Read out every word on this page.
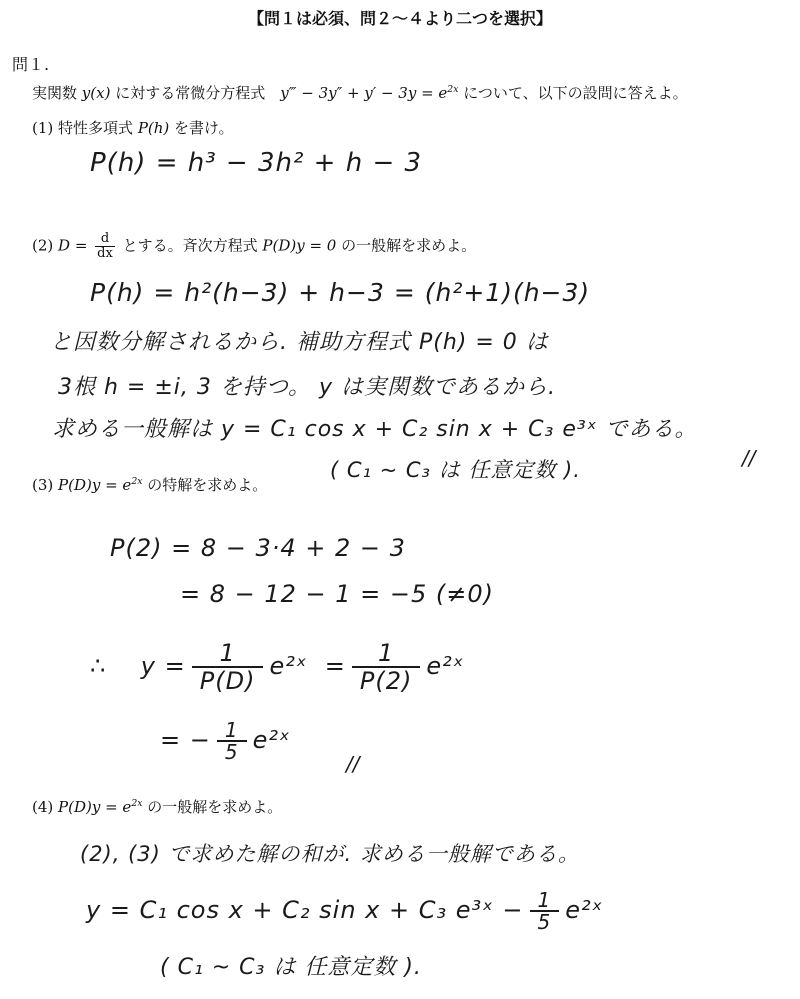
【問１は必須、問２〜４より二つを選択】
問１.
実関数 y(x) に対する常微分方程式　y‴ − $3y'' + y' - 3y = e^{2x}$ について、以下の設問に答えよ。
(1) 特性多項式 P(h) を書け。
P(h) = h³ − 3h² + h − 3
(2) $D = \frac{d}{dx}$ とする。斉次方程式 P(D)y = 0 の一般解を求めよ。
P(h) = h²(h−3) + h−3 = (h²+1)(h−3)
と因数分解されるから. 補助方程式 P(h) = 0 は
3根 h = ±i, 3 を持つ。 y は実関数であるから.
求める一般解は y = C₁ cos x + C₂ sin x + C₃ e³ˣ である。
( C₁ ~ C₃ は 任意定数 ).	//
(3) $P(D)y = e^{2x}$ の特解を求めよ。
P(2) = 8 − 3·4 + 2 − 3
= 8 − 12 − 1 = −5 (≠0)
∴ $y = \frac{1}{P(D)}$ e²ˣ = $\frac{1}{P(2)}$ e²ˣ
= − $\frac{1}{5}$ e²ˣ
//
(4) $P(D)y = e^{2x}$ の一般解を求めよ。
(2), (3) で求めた解の和が. 求める一般解である。
y = C₁ cos x + C₂ sin x + C₃ e³ˣ − $\frac{1}{5}$ e²ˣ
( C₁ ~ C₃ は 任意定数 ).
